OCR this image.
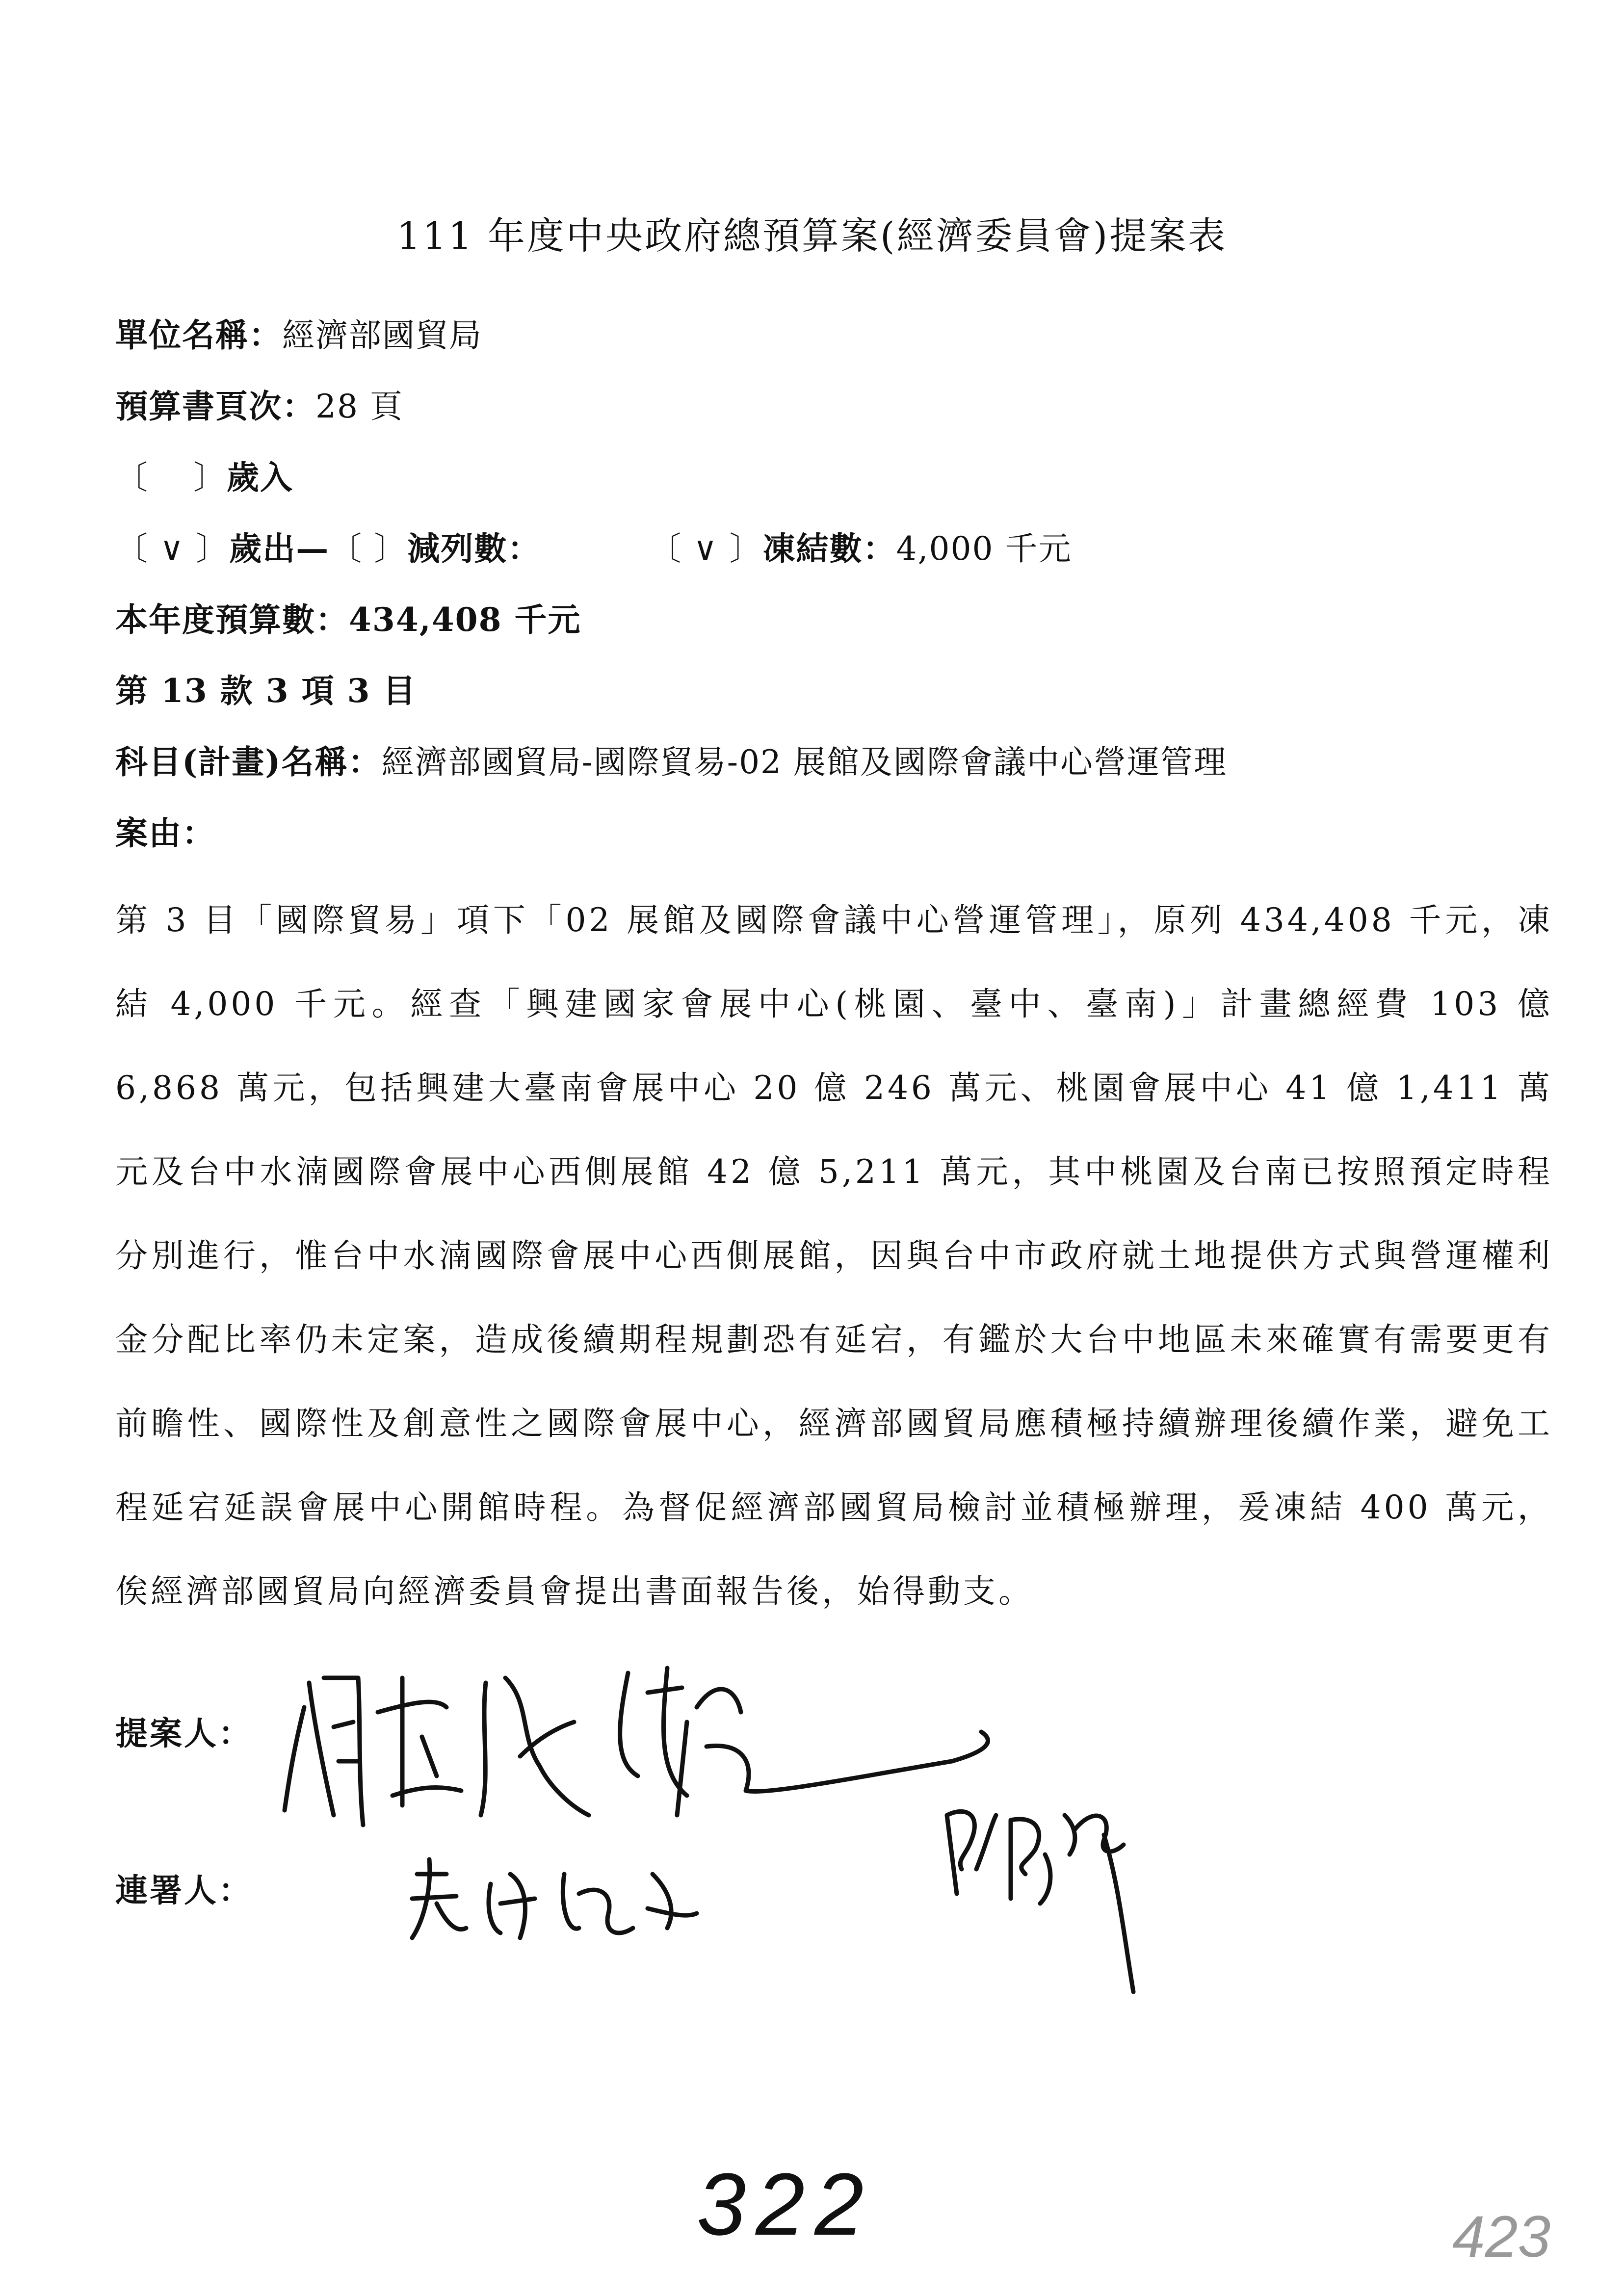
111 年度中央政府總預算案(經濟委員會)提案表
單位名稱：經濟部國貿局
預算書頁次：28 頁
〔　 〕歲入
〔 ∨ 〕歲出—〔 〕減列數：	〔 ∨ 〕凍結數：4,000 千元
本年度預算數：434,408 千元
第 13 款 3 項 3 目
科目(計畫)名稱：經濟部國貿局-國際貿易-02 展館及國際會議中心營運管理
案由：
第 3 目「國際貿易」項下「02 展館及國際會議中心營運管理」，原列 434,408 千元，凍結 4,000 千元。經查「興建國家會展中心(桃園、臺中、臺南)」計畫總經費 103 億 6,868 萬元，包括興建大臺南會展中心 20 億 246 萬元、桃園會展中心 41 億 1,411 萬元及台中水湳國際會展中心西側展館 42 億 5,211 萬元，其中桃園及台南已按照預定時程分別進行，惟台中水湳國際會展中心西側展館，因與台中市政府就土地提供方式與營運權利金分配比率仍未定案，造成後續期程規劃恐有延宕，有鑑於大台中地區未來確實有需要更有前瞻性、國際性及創意性之國際會展中心，經濟部國貿局應積極持續辦理後續作業，避免工程延宕延誤會展中心開館時程。為督促經濟部國貿局檢討並積極辦理，爰凍結 400 萬元，俟經濟部國貿局向經濟委員會提出書面報告後，始得動支。
提案人：
連署人：
322	423
